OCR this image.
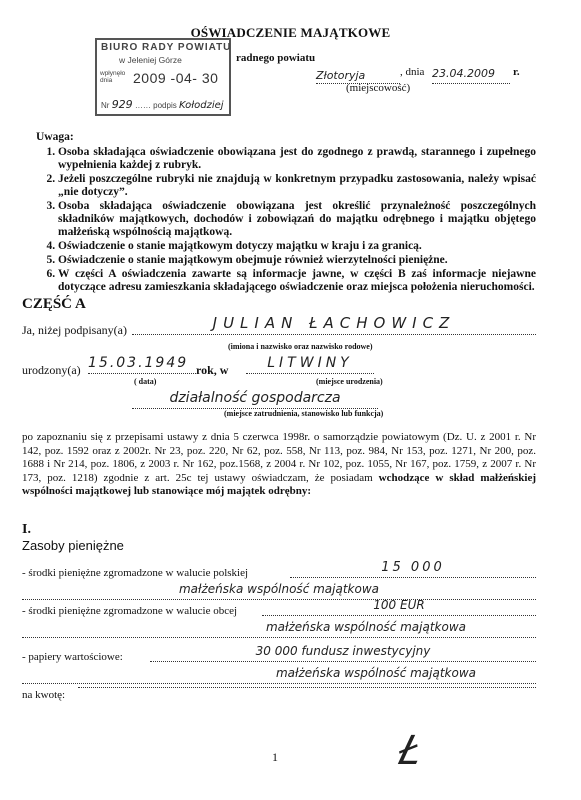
OŚWIADCZENIE MAJĄTKOWE
BIURO RADY POWIATU
w Jeleniej Górze
wpłynęło dnia	2009 -04- 30
Nr 929 …… podpis Kołodziej
radnego powiatu
Złotoryja	, dnia 23.04.2009	r.
(miejscowość)
Uwaga:
1. Osoba składająca oświadczenie obowiązana jest do zgodnego z prawdą, starannego i zupełnego wypełnienia każdej z rubryk.
2. Jeżeli poszczególne rubryki nie znajdują w konkretnym przypadku zastosowania, należy wpisać „nie dotyczy”.
3. Osoba składająca oświadczenie obowiązana jest określić przynależność poszczególnych składników majątkowych, dochodów i zobowiązań do majątku odrębnego i majątku objętego małżeńską wspólnością majątkową.
4. Oświadczenie o stanie majątkowym dotyczy majątku w kraju i za granicą.
5. Oświadczenie o stanie majątkowym obejmuje również wierzytelności pieniężne.
6. W części A oświadczenia zawarte są informacje jawne, w części B zaś informacje niejawne dotyczące adresu zamieszkania składającego oświadczenie oraz miejsca położenia nieruchomości.
CZĘŚĆ A
Ja, niżej podpisany(a)	JULIAN ŁACHOWICZ
(imiona i nazwisko oraz nazwisko rodowe)
urodzony(a) 15.03.1949 rok, w	LITWINY
( data)	(miejsce urodzenia)
działalność gospodarcza
(miejsce zatrudnienia, stanowisko lub funkcja)
po zapoznaniu się z przepisami ustawy z dnia 5 czerwca 1998r. o samorządzie powiatowym (Dz. U. z 2001 r. Nr 142, poz. 1592 oraz z 2002r. Nr 23, poz. 220, Nr 62, poz. 558, Nr 113, poz. 984, Nr 153, poz. 1271, Nr 200, poz. 1688 i Nr 214, poz. 1806, z 2003 r. Nr 162, poz.1568, z 2004 r. Nr 102, poz. 1055, Nr 167, poz. 1759, z 2007 r. Nr 173, poz. 1218) zgodnie z art. 25c tej ustawy oświadczam, że posiadam wchodzące w skład małżeńskiej wspólności majątkowej lub stanowiące mój majątek odrębny:
I.
Zasoby pieniężne
- środki pieniężne zgromadzone w walucie polskiej	15 000
małżeńska wspólność majątkowa
- środki pieniężne zgromadzone w walucie obcej	100 EUR
małżeńska wspólność majątkowa
- papiery wartościowe:	30 000 fundusz inwestycyjny
małżeńska wspólność majątkowa
na kwotę:
1	Ł
